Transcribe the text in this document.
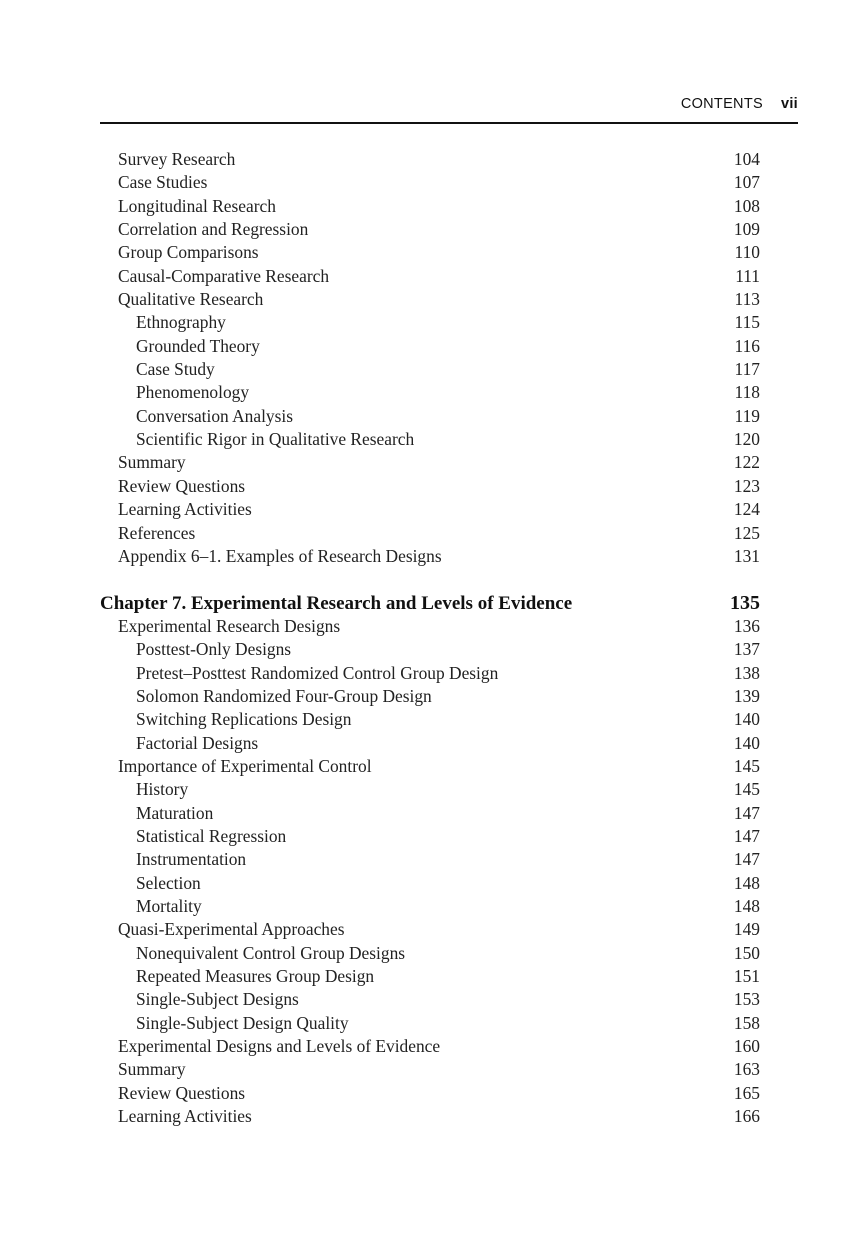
CONTENTS vii
Survey Research	104
Case Studies	107
Longitudinal Research	108
Correlation and Regression	109
Group Comparisons	110
Causal-Comparative Research	111
Qualitative Research	113
Ethnography	115
Grounded Theory	116
Case Study	117
Phenomenology	118
Conversation Analysis	119
Scientific Rigor in Qualitative Research	120
Summary	122
Review Questions	123
Learning Activities	124
References	125
Appendix 6–1. Examples of Research Designs	131
Chapter 7. Experimental Research and Levels of Evidence	135
Experimental Research Designs	136
Posttest-Only Designs	137
Pretest–Posttest Randomized Control Group Design	138
Solomon Randomized Four-Group Design	139
Switching Replications Design	140
Factorial Designs	140
Importance of Experimental Control	145
History	145
Maturation	147
Statistical Regression	147
Instrumentation	147
Selection	148
Mortality	148
Quasi-Experimental Approaches	149
Nonequivalent Control Group Designs	150
Repeated Measures Group Design	151
Single-Subject Designs	153
Single-Subject Design Quality	158
Experimental Designs and Levels of Evidence	160
Summary	163
Review Questions	165
Learning Activities	166
